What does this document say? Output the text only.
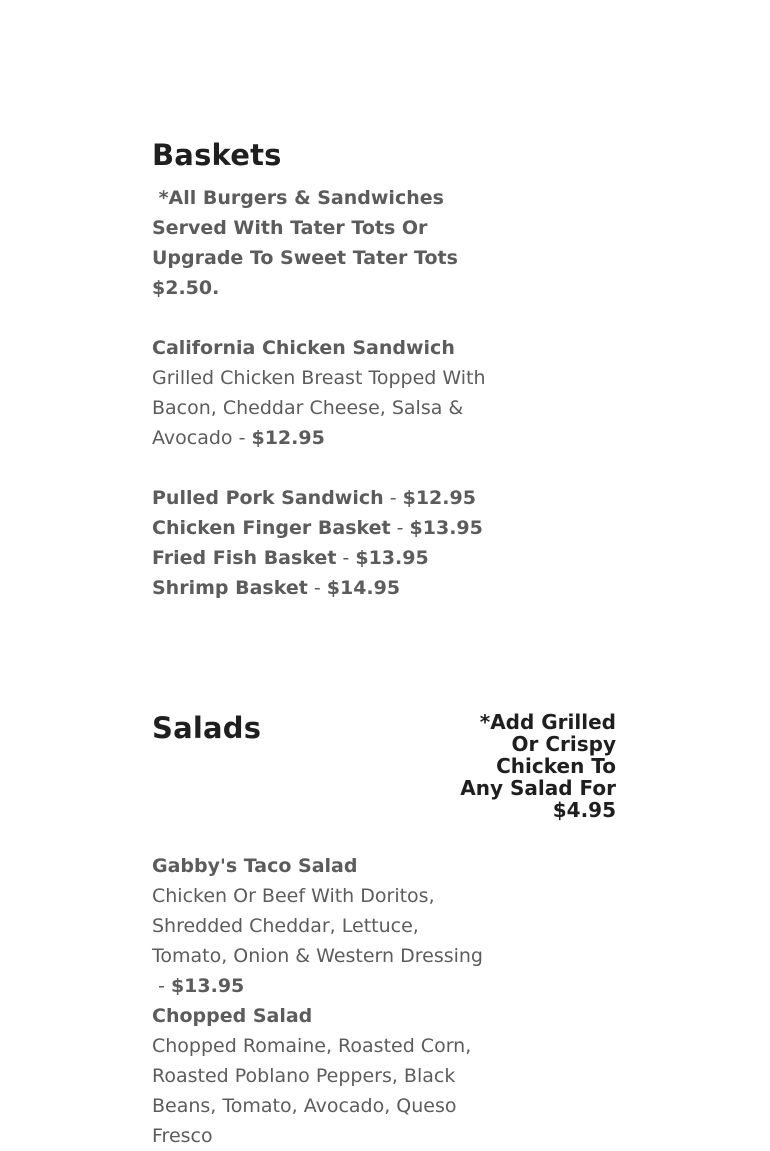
Baskets

*All Burgers & Sandwiches Served With Tater Tots Or Upgrade To Sweet Tater Tots $2.50.

California Chicken Sandwich
Grilled Chicken Breast Topped With Bacon, Cheddar Cheese, Salsa & Avocado - $12.95

Pulled Pork Sandwich - $12.95

Chicken Finger Basket - $13.95

Fried Fish Basket - $13.95

Shrimp Basket - $14.95

Salads	*Add Grilled Or Crispy Chicken To Any Salad For $4.95

Gabby's Taco Salad
Chicken Or Beef With Doritos, Shredded Cheddar, Lettuce, Tomato, Onion & Western Dressing - $13.95

Chopped Salad
Chopped Romaine, Roasted Corn, Roasted Poblano Peppers, Black Beans, Tomato, Avocado, Queso Fresco
